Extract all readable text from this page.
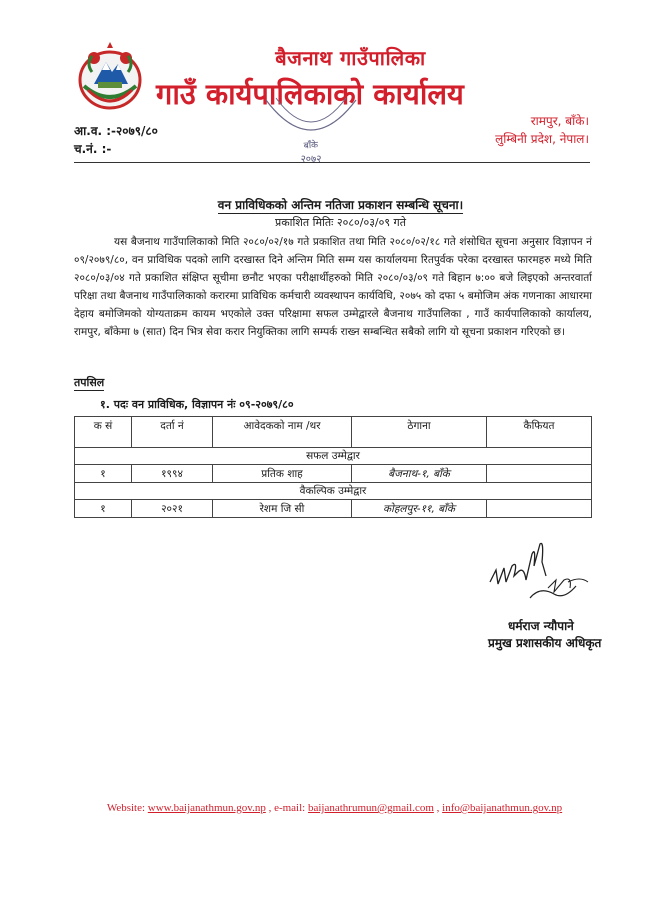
बैजनाथ गाउँपालिका
गाउँ कार्यपालिकाको कार्यालय
रामपुर, बाँके।
लुम्बिनी प्रदेश, नेपाल।
आ.व. :-२०७९/८०
च.नं. :-	बाँके
२०७२
वन प्राविधिकको अन्तिम नतिजा प्रकाशन सम्बन्धि सूचना।
प्रकाशित मितिः २०८०/०३/०९ गते

यस बैजनाथ गाउँपालिकाको मिति २०८०/०२/१७ गते प्रकाशित तथा मिति २०८०/०२/१८ गते शंसोधित सूचना अनुसार विज्ञापन नं ०९/२०७९/८०, वन प्राविधिक पदको लागि दरखास्त दिने अन्तिम मिति सम्म यस कार्यालयमा रितपुर्वक परेका दरखास्त फारमहरु मध्ये मिति २०८०/०३/०४ गते प्रकाशित संक्षिप्त सूचीमा छनौट भएका परीक्षार्थीहरुको मिति २०८०/०३/०९ गते बिहान ७:०० बजे लिइएको अन्तरवार्ता परिक्षा तथा बैजनाथ गाउँपालिकाको करारमा प्राविधिक कर्मचारी व्यवस्थापन कार्यविधि, २०७५ को दफा ५ बमोजिम अंक गणनाका आधारमा देहाय बमोजिमको योग्यताक्रम कायम भएकोले उक्त परिक्षामा सफल उम्मेद्वारले बैजनाथ गाउँपालिका , गाउँ कार्यपालिकाको कार्यालय, रामपुर, बाँकेमा ७ (सात) दिन भित्र सेवा करार नियुक्तिका लागि सम्पर्क राख्न सम्बन्धित सबैको लागि यो सूचना प्रकाशन गरिएको छ।

तपसिल
१. पदः वन प्राविधिक, विज्ञापन नंः ०९-२०७९/८०
क सं	दर्ता नं	आवेदकको नाम /थर	ठेगाना	कैफियत
सफल उम्मेद्वार				
१	१९९४	प्रतिक शाह	बैजनाथ-१, बाँके	
वैकल्पिक उम्मेद्वार				
१	२०२१	रेशम जि सी	कोहलपुर-११, बाँके	
धर्मराज न्यौपाने
प्रमुख प्रशासकीय अधिकृत
Website: www.baijanathmun.gov.np , e-mail: baijanathrumun@gmail.com , info@baijanathmun.gov.np
